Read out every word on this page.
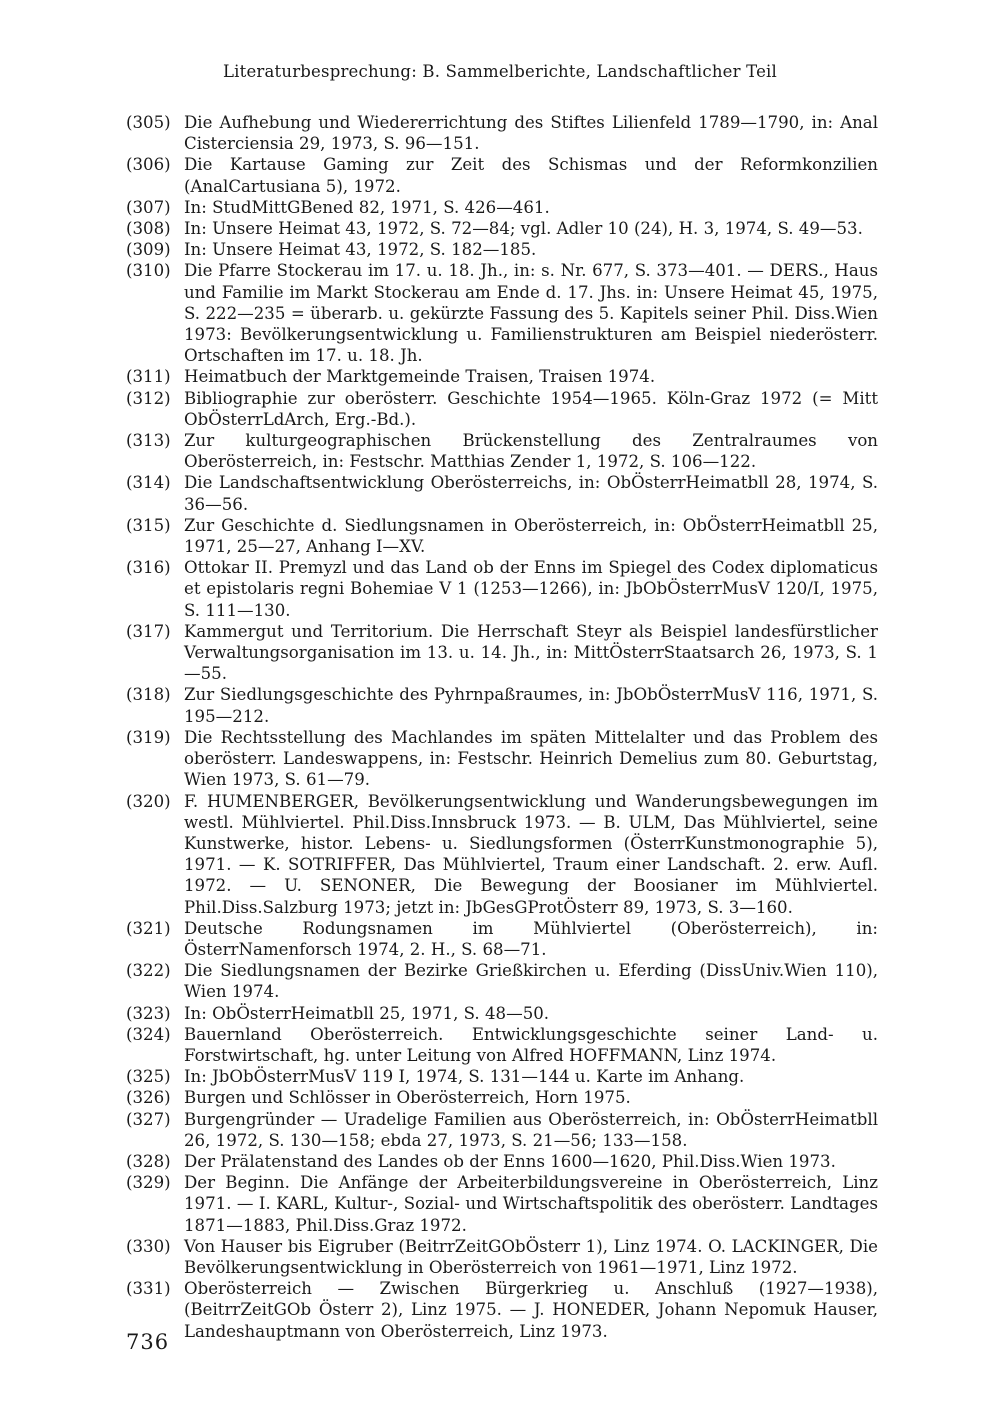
Literaturbesprechung: B. Sammelberichte, Landschaftlicher Teil
(305) Die Aufhebung und Wiedererrichtung des Stiftes Lilienfeld 1789—1790, in: Anal Cisterciensia 29, 1973, S. 96—151.
(306) Die Kartause Gaming zur Zeit des Schismas und der Reformkonzilien (AnalCartusiana 5), 1972.
(307) In: StudMittGBened 82, 1971, S. 426—461.
(308) In: Unsere Heimat 43, 1972, S. 72—84; vgl. Adler 10 (24), H. 3, 1974, S. 49—53.
(309) In: Unsere Heimat 43, 1972, S. 182—185.
(310) Die Pfarre Stockerau im 17. u. 18. Jh., in: s. Nr. 677, S. 373—401. — DERS., Haus und Familie im Markt Stockerau am Ende d. 17. Jhs. in: Unsere Heimat 45, 1975, S. 222—235 = überarb. u. gekürzte Fassung des 5. Kapitels seiner Phil. Diss.Wien 1973: Bevölkerungsentwicklung u. Familienstrukturen am Beispiel niederösterr. Ortschaften im 17. u. 18. Jh.
(311) Heimatbuch der Marktgemeinde Traisen, Traisen 1974.
(312) Bibliographie zur oberösterr. Geschichte 1954—1965. Köln-Graz 1972 (= Mitt ObÖsterrLdArch, Erg.-Bd.).
(313) Zur kulturgeographischen Brückenstellung des Zentralraumes von Oberösterreich, in: Festschr. Matthias Zender 1, 1972, S. 106—122.
(314) Die Landschaftsentwicklung Oberösterreichs, in: ObÖsterrHeimatbll 28, 1974, S. 36—56.
(315) Zur Geschichte d. Siedlungsnamen in Oberösterreich, in: ObÖsterrHeimatbll 25, 1971, 25—27, Anhang I—XV.
(316) Ottokar II. Premyzl und das Land ob der Enns im Spiegel des Codex diplomaticus et epistolaris regni Bohemiae V 1 (1253—1266), in: JbObÖsterrMusV 120/I, 1975, S. 111—130.
(317) Kammergut und Territorium. Die Herrschaft Steyr als Beispiel landesfürstlicher Verwaltungsorganisation im 13. u. 14. Jh., in: MittÖsterrStaatsarch 26, 1973, S. 1—55.
(318) Zur Siedlungsgeschichte des Pyhrnpaßraumes, in: JbObÖsterrMusV 116, 1971, S. 195—212.
(319) Die Rechtsstellung des Machlandes im späten Mittelalter und das Problem des oberösterr. Landeswappens, in: Festschr. Heinrich Demelius zum 80. Geburtstag, Wien 1973, S. 61—79.
(320) F. HUMENBERGER, Bevölkerungsentwicklung und Wanderungsbewegungen im westl. Mühlviertel. Phil.Diss.Innsbruck 1973. — B. ULM, Das Mühlviertel, seine Kunstwerke, histor. Lebens- u. Siedlungsformen (ÖsterrKunstmonographie 5), 1971. — K. SOTRIFFER, Das Mühlviertel, Traum einer Landschaft. 2. erw. Aufl. 1972. — U. SENONER, Die Bewegung der Boosianer im Mühlviertel. Phil.Diss.Salzburg 1973; jetzt in: JbGesGProtÖsterr 89, 1973, S. 3—160.
(321) Deutsche Rodungsnamen im Mühlviertel (Oberösterreich), in: ÖsterrNamenforsch 1974, 2. H., S. 68—71.
(322) Die Siedlungsnamen der Bezirke Grießkirchen u. Eferding (DissUniv.Wien 110), Wien 1974.
(323) In: ObÖsterrHeimatbll 25, 1971, S. 48—50.
(324) Bauernland Oberösterreich. Entwicklungsgeschichte seiner Land- u. Forstwirtschaft, hg. unter Leitung von Alfred HOFFMANN, Linz 1974.
(325) In: JbObÖsterrMusV 119 I, 1974, S. 131—144 u. Karte im Anhang.
(326) Burgen und Schlösser in Oberösterreich, Horn 1975.
(327) Burgengründer — Uradelige Familien aus Oberösterreich, in: ObÖsterrHeimatbll 26, 1972, S. 130—158; ebda 27, 1973, S. 21—56; 133—158.
(328) Der Prälatenstand des Landes ob der Enns 1600—1620, Phil.Diss.Wien 1973.
(329) Der Beginn. Die Anfänge der Arbeiterbildungsvereine in Oberösterreich, Linz 1971. — I. KARL, Kultur-, Sozial- und Wirtschaftspolitik des oberösterr. Landtages 1871—1883, Phil.Diss.Graz 1972.
(330) Von Hauser bis Eigruber (BeitrrZeitGObÖsterr 1), Linz 1974. O. LACKINGER, Die Bevölkerungsentwicklung in Oberösterreich von 1961—1971, Linz 1972.
(331) Oberösterreich — Zwischen Bürgerkrieg u. Anschluß (1927—1938), (BeitrrZeitGOb Österr 2), Linz 1975. — J. HONEDER, Johann Nepomuk Hauser, Landeshauptmann von Oberösterreich, Linz 1973.
736
